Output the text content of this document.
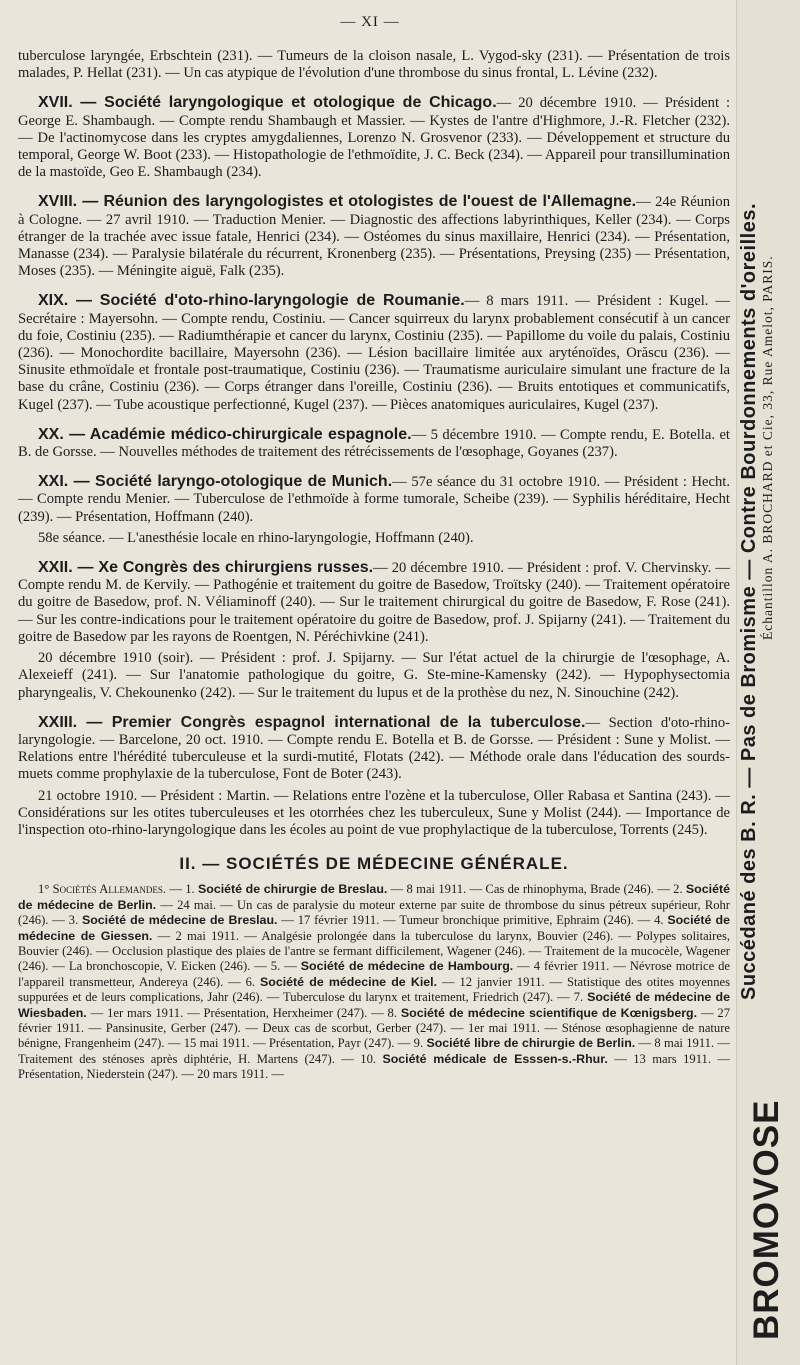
— XI —

tuberculose laryngée, Erbschtein (231). — Tumeurs de la cloison nasale, L. Vygod-sky (231). — Présentation de trois malades, P. Hellat (231). — Un cas atypique de l'évolution d'une thrombose du sinus frontal, L. Lévine (232).

XVII. — Société laryngologique et otologique de Chicago.— 20 décembre 1910. — Président : George E. Shambaugh. — Compte rendu Shambaugh et Massier. — Kystes de l'antre d'Highmore, J.-R. Fletcher (232). — De l'actinomycose dans les cryptes amygdaliennes, Lorenzo N. Grosvenor (233). — Développement et structure du temporal, George W. Boot (233). — Histopathologie de l'ethmoïdite, J. C. Beck (234). — Appareil pour transillumination de la mastoïde, Geo E. Shambaugh (234).

XVIII. — Réunion des laryngologistes et otologistes de l'ouest de l'Allemagne.— 24e Réunion à Cologne. — 27 avril 1910. — Traduction Menier. — Diagnostic des affections labyrinthiques, Keller (234). — Corps étranger de la trachée avec issue fatale, Henrici (234). — Ostéomes du sinus maxillaire, Henrici (234). — Présentation, Manasse (234). — Paralysie bilatérale du récurrent, Kronenberg (235). — Présentations, Preysing (235) — Présentation, Moses (235). — Méningite aiguë, Falk (235).

XIX. — Société d'oto-rhino-laryngologie de Roumanie.— 8 mars 1911. — Président : Kugel. — Secrétaire : Mayersohn. — Compte rendu, Costiniu. — Cancer squirreux du larynx probablement consécutif à un cancer du foie, Costiniu (235). — Radiumthérapie et cancer du larynx, Costiniu (235). — Papillome du voile du palais, Costiniu (236). — Monochordite bacillaire, Mayersohn (236). — Lésion bacillaire limitée aux aryténoïdes, Orăscu (236). — Sinusite ethmoïdale et frontale post-traumatique, Costiniu (236). — Traumatisme auriculaire simulant une fracture de la base du crâne, Costiniu (236). — Corps étranger dans l'oreille, Costiniu (236). — Bruits entotiques et communicatifs, Kugel (237). — Tube acoustique perfectionné, Kugel (237). — Pièces anatomiques auriculaires, Kugel (237).

XX. — Académie médico-chirurgicale espagnole.— 5 décembre 1910. — Compte rendu, E. Botella. et B. de Gorsse. — Nouvelles méthodes de traitement des rétrécissements de l'œsophage, Goyanes (237).

XXI. — Société laryngo-otologique de Munich.— 57e séance du 31 octobre 1910. — Président : Hecht. — Compte rendu Menier. — Tuberculose de l'ethmoïde à forme tumorale, Scheibe (239). — Syphilis héréditaire, Hecht (239). — Présentation, Hoffmann (240).

58e séance. — L'anesthésie locale en rhino-laryngologie, Hoffmann (240).

XXII. — Xe Congrès des chirurgiens russes.— 20 décembre 1910. — Président : prof. V. Chervinsky. — Compte rendu M. de Kervily. — Pathogénie et traitement du goitre de Basedow, Troïtsky (240). — Traitement opératoire du goitre de Basedow, prof. N. Véliaminoff (240). — Sur le traitement chirurgical du goitre de Basedow, F. Rose (241). — Sur les contre-indications pour le traitement opératoire du goitre de Basedow, prof. J. Spijarny (241). — Traitement du goitre de Basedow par les rayons de Roentgen, N. Péréchivkine (241).

20 décembre 1910 (soir). — Président : prof. J. Spijarny. — Sur l'état actuel de la chirurgie de l'œsophage, A. Alexeieff (241). — Sur l'anatomie pathologique du goitre, G. Ste-mine-Kamensky (242). — Hypophysectomia pharyngealis, V. Chekounenko (242). — Sur le traitement du lupus et de la prothèse du nez, N. Sinouchine (242).

XXIII. — Premier Congrès espagnol international de la tuberculose.— Section d'oto-rhino-laryngologie. — Barcelone, 20 oct. 1910. — Compte rendu E. Botella et B. de Gorsse. — Président : Sune y Molist. — Relations entre l'hérédité tuberculeuse et la surdi-mutité, Flotats (242). — Méthode orale dans l'éducation des sourds-muets comme prophylaxie de la tuberculose, Font de Boter (243).

21 octobre 1910. — Président : Martin. — Relations entre l'ozène et la tuberculose, Oller Rabasa et Santina (243). — Considérations sur les otites tuberculeuses et les otorrhées chez les tuberculeux, Sune y Molist (244). — Importance de l'inspection oto-rhino-laryngologique dans les écoles au point de vue prophylactique de la tuberculose, Torrents (245).

II. — SOCIÉTÉS DE MÉDECINE GÉNÉRALE.

1° Sociétés Allemandes. — 1. Société de chirurgie de Breslau. — 8 mai 1911. — Cas de rhinophyma, Brade (246). — 2. Société de médecine de Berlin. — 24 mai. — Un cas de paralysie du moteur externe par suite de thrombose du sinus pétreux supérieur, Rohr (246). — 3. Société de médecine de Breslau. — 17 février 1911. — Tumeur bronchique primitive, Ephraim (246). — 4. Société de médecine de Giessen. — 2 mai 1911. — Analgésie prolongée dans la tuberculose du larynx, Bouvier (246). — Polypes solitaires, Bouvier (246). — Occlusion plastique des plaies de l'antre se fermant difficilement, Wagener (246). — Traitement de la mucocèle, Wagener (246). — La bronchoscopie, V. Eicken (246). — 5. — Société de médecine de Hambourg. — 4 février 1911. — Névrose motrice de l'appareil transmetteur, Andereya (246). — 6. Société de médecine de Kiel. — 12 janvier 1911. — Statistique des otites moyennes suppurées et de leurs complications, Jahr (246). — Tuberculose du larynx et traitement, Friedrich (247). — 7. Société de médecine de Wiesbaden. — 1er mars 1911. — Présentation, Herxheimer (247). — 8. Société de médecine scientifique de Kœnigsberg. — 27 février 1911. — Pansinusite, Gerber (247). — Deux cas de scorbut, Gerber (247). — 1er mai 1911. — Sténose œsophagienne de nature bénigne, Frangenheim (247). — 15 mai 1911. — Présentation, Payr (247). — 9. Société libre de chirurgie de Berlin. — 8 mai 1911. — Traitement des sténoses après diphtérie, H. Martens (247). — 10. Société médicale de Esssen-s.-Rhur. — 13 mars 1911. — Présentation, Niederstein (247). — 20 mars 1911. —

BROMOVOSE
Succédané des B. R. — Pas de Bromisme — Contre Bourdonnements d'oreilles. Échantillon A. BROCHARD et Cie, 33, Rue Amelot, PARIS.
